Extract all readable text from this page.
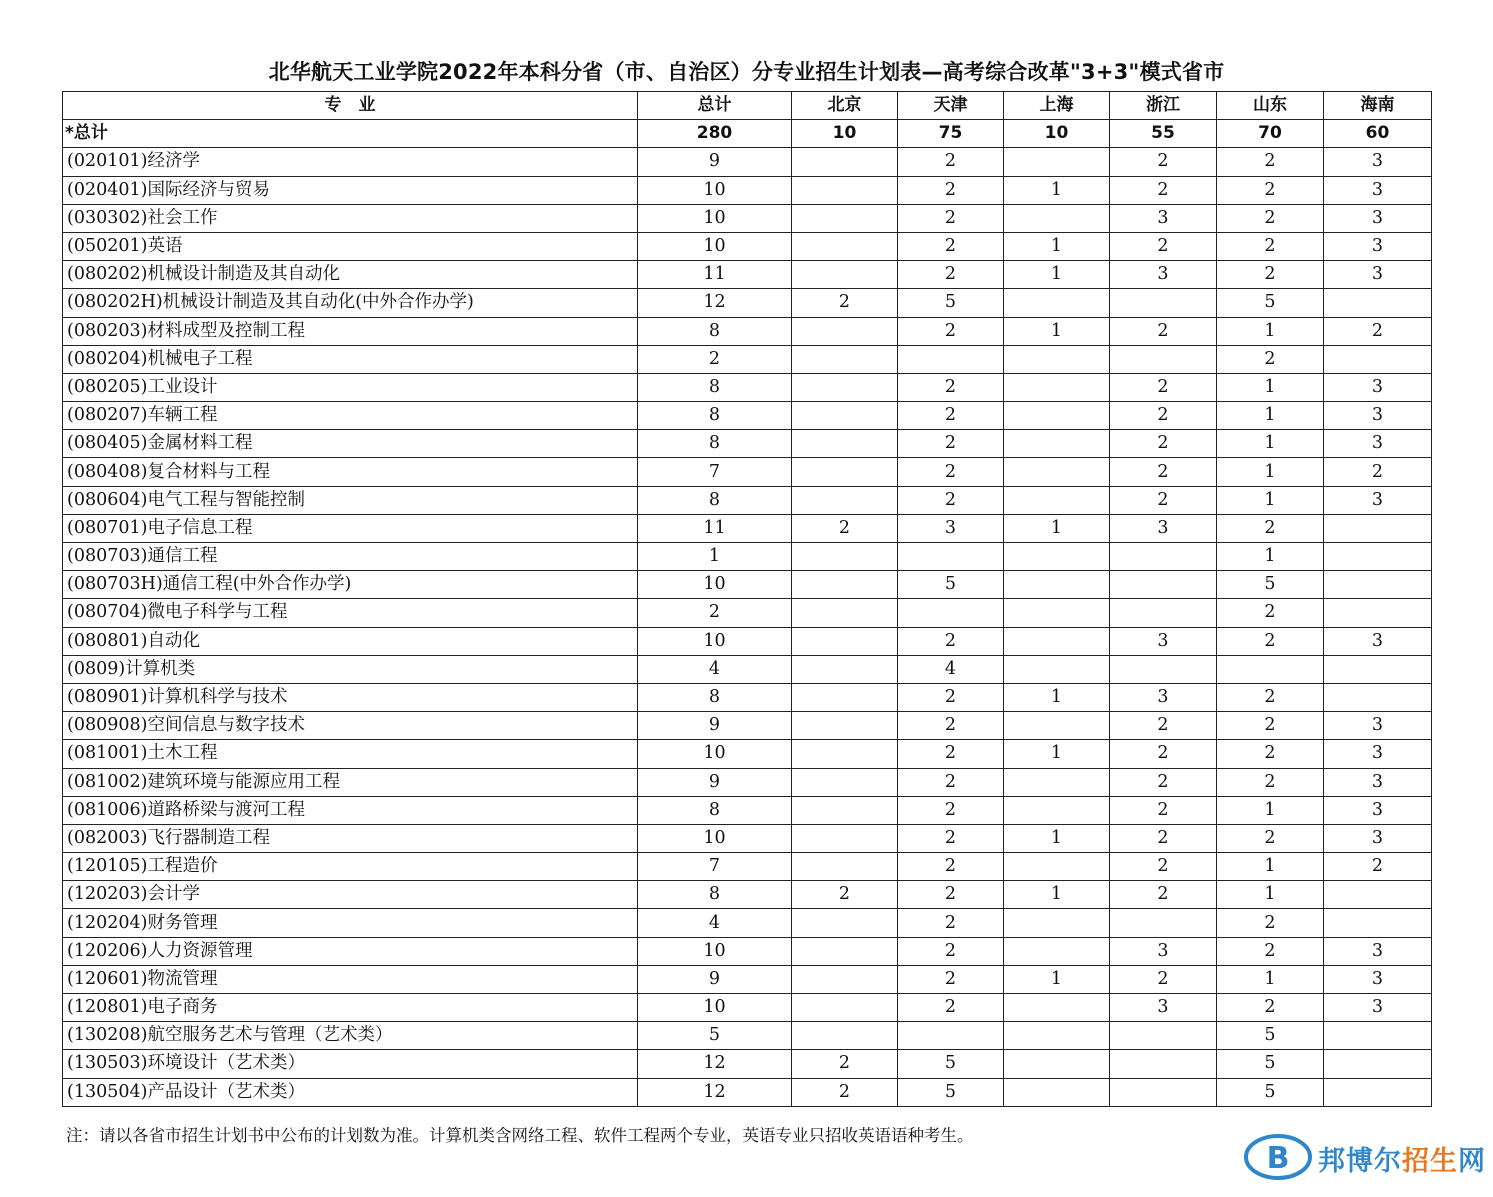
北华航天工业学院2022年本科分省（市、自治区）分专业招生计划表—高考综合改革"3+3"模式省市
专　业	总计	北京	天津	上海	浙江	山东	海南
*总计	280	10	75	10	55	70	60
(020101)经济学	9		2		2	2	3
(020401)国际经济与贸易	10		2	1	2	2	3
(030302)社会工作	10		2		3	2	3
(050201)英语	10		2	1	2	2	3
(080202)机械设计制造及其自动化	11		2	1	3	2	3
(080202H)机械设计制造及其自动化(中外合作办学)	12	2	5			5	
(080203)材料成型及控制工程	8		2	1	2	1	2
(080204)机械电子工程	2					2	
(080205)工业设计	8		2		2	1	3
(080207)车辆工程	8		2		2	1	3
(080405)金属材料工程	8		2		2	1	3
(080408)复合材料与工程	7		2		2	1	2
(080604)电气工程与智能控制	8		2		2	1	3
(080701)电子信息工程	11	2	3	1	3	2	
(080703)通信工程	1					1	
(080703H)通信工程(中外合作办学)	10		5			5	
(080704)微电子科学与工程	2					2	
(080801)自动化	10		2		3	2	3
(0809)计算机类	4		4				
(080901)计算机科学与技术	8		2	1	3	2	
(080908)空间信息与数字技术	9		2		2	2	3
(081001)土木工程	10		2	1	2	2	3
(081002)建筑环境与能源应用工程	9		2		2	2	3
(081006)道路桥梁与渡河工程	8		2		2	1	3
(082003)飞行器制造工程	10		2	1	2	2	3
(120105)工程造价	7		2		2	1	2
(120203)会计学	8	2	2	1	2	1	
(120204)财务管理	4		2			2	
(120206)人力资源管理	10		2		3	2	3
(120601)物流管理	9		2	1	2	1	3
(120801)电子商务	10		2		3	2	3
(130208)航空服务艺术与管理（艺术类）	5					5	
(130503)环境设计（艺术类）	12	2	5			5	
(130504)产品设计（艺术类）	12	2	5			5	
注：请以各省市招生计划书中公布的计划数为准。计算机类含网络工程、软件工程两个专业，英语专业只招收英语语种考生。
B 邦博尔招生网
